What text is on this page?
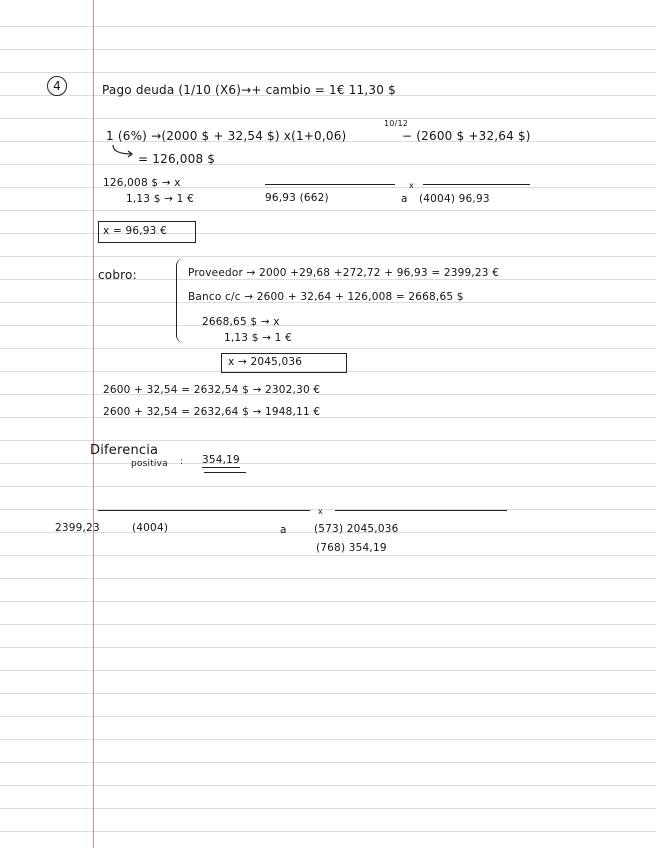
4	Pago deuda (1/10 (X6)→+ cambio = 1€ 11,30 $
1 (6%) →(2000 $ + 32,54 $) x(1+0,06)
10/12
− (2600 $ +32,64 $)
= 126,008 $
126,008 $ → x
1,13 $ → 1 €
x
96,93 (662)	a (4004) 96,93
x = 96,93 €
cobro:	Proveedor → 2000 +29,68 +272,72 + 96,93 = 2399,23 €
Banco c/c → 2600 + 32,64 + 126,008 = 2668,65 $
2668,65 $ → x
1,13 $ → 1 €
x → 2045,036
2600 + 32,54 = 2632,54 $ → 2302,30 €
2600 + 32,54 = 2632,64 $ → 1948,11 €
Diferencia
positiva : 354,19
x
2399,23	(4004)	a	(573) 2045,036
(768) 354,19
